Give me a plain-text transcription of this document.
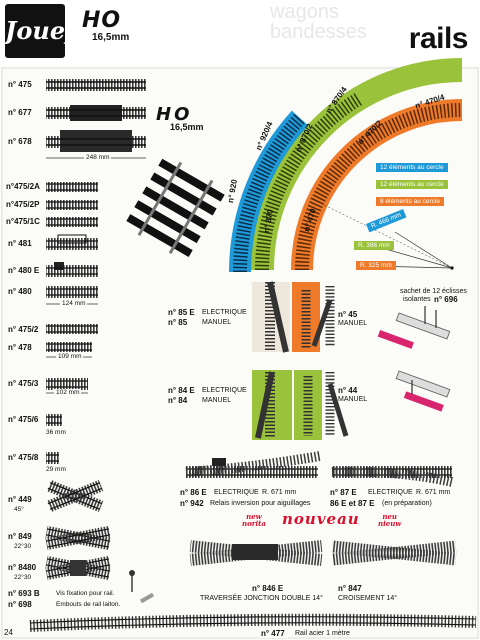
Jouef HO
16,5mm
wagons
bandesses rails
n° 475
n° 677
n° 678
248 mm
n°475/2A
n°475/2P
n°475/1C
n° 481
n° 480 E
n° 480
124 mm
n° 475/2
n° 478
109 mm
n° 475/3
102 mm
n° 475/6
36 mm
n° 475/8
29 mm
n° 449
45°
n° 849
22°30
n° 8480
22°30
n° 693 B	Vis fixation pour rail.
n° 698	Embouts de rail laiton.
HO
16,5mm
n° 920
n° 920/4
n° 870
n° 870/2
n° 870/4
n° 470
n° 470/2
n° 470/4
12 éléments au cercle
12 éléments au cercle
8 éléments au cercle
R. 466 mm
R. 386 mm
R. 325 mm
n° 85 E ELECTRIQUE
n° 85 MANUEL
n° 45
MANUEL
n° 84 E ELECTRIQUE
n° 84 MANUEL
n° 44
MANUEL
sachet de 12 éclisses
isolantes n° 696
n° 86 E ELECTRIQUE R. 671 mm	n° 87 E ELECTRIQUE R. 671 mm
n° 942 Relais inversion pour aiguillages 86 E et 87 E (en préparation)
new
norita nouveau	neu
nieuw
n° 846 E
TRAVERSÉE JONCTION DOUBLE 14°
n° 847
CROISEMENT 14°
n° 477	Rail acier 1 mètre
24
